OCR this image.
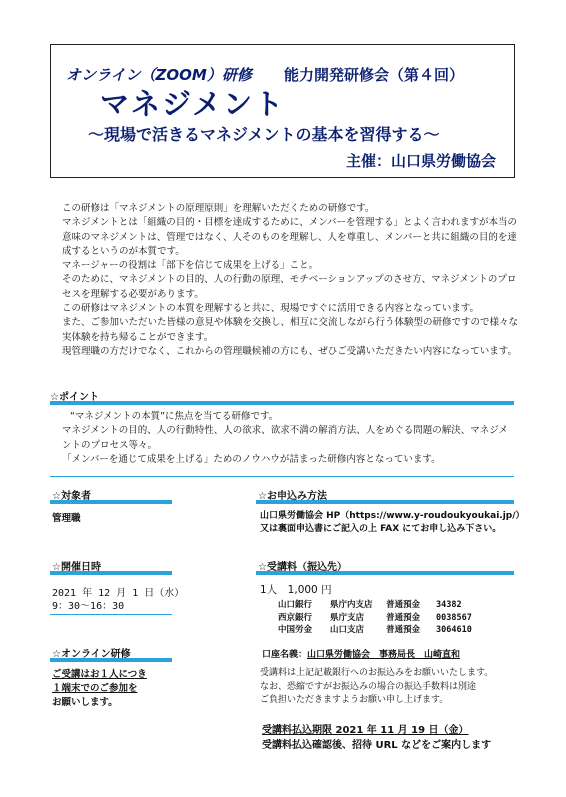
オンライン（ZOOM）研修 能力開発研修会（第４回）
マネジメント
～現場で活きるマネジメントの基本を習得する～
主催：山口県労働協会

この研修は「マネジメントの原理原則」を理解いただくための研修です。

マネジメントとは「組織の目的・目標を達成するために、メンバーを管理する」とよく言われますが本当の意味のマネジメントは、管理ではなく、人そのものを理解し、人を尊重し、メンバーと共に組織の目的を達成するというのが本質です。

マネージャーの役割は「部下を信じて成果を上げる」こと。

そのために、マネジメントの目的、人の行動の原理、モチベーションアップのさせ方、マネジメントのプロセスを理解する必要があります。

この研修はマネジメントの本質を理解すると共に、現場ですぐに活用できる内容となっています。

また、ご参加いただいた皆様の意見や体験を交換し、相互に交流しながら行う体験型の研修ですので様々な実体験を持ち帰ることができます。

現管理職の方だけでなく、これからの管理職候補の方にも、ぜひご受講いただきたい内容になっています。

☆ポイント

“マネジメントの本質”に焦点を当てる研修です。

マネジメントの目的、人の行動特性、人の欲求、欲求不満の解消方法、人をめぐる問題の解決、マネジメントのプロセス等々。

「メンバーを通じて成果を上げる」ためのノウハウが詰まった研修内容となっています。

☆対象者
管理職
☆お申込み方法
山口県労働協会 HP（https://www.y-roudoukyoukai.jp/）
又は裏面申込書にご記入の上 FAX にてお申し込み下さい。
☆開催日時
2021 年 12 月 1 日（水）
9：30～16：30
☆受講料（振込先）
1人　1,000 円
山口銀行 県庁内支店 普通預金 34382
西京銀行 県庁支店	普通預金 0038567
中国労金 山口支店	普通預金 3064610
口座名義：山口県労働協会　事務局長　山崎直和

受講料は上記記載銀行へのお振込みをお願いいたします。

なお、恐縮ですがお振込みの場合の振込手数料は別途

ご負担いただきますようお願い申し上げます。

☆オンライン研修
ご受講はお１人につき
１端末でのご参加を
お願いします。
受講料払込期限 2021 年 11 月 19 日（金）
受講料払込確認後、招待 URL などをご案内します
